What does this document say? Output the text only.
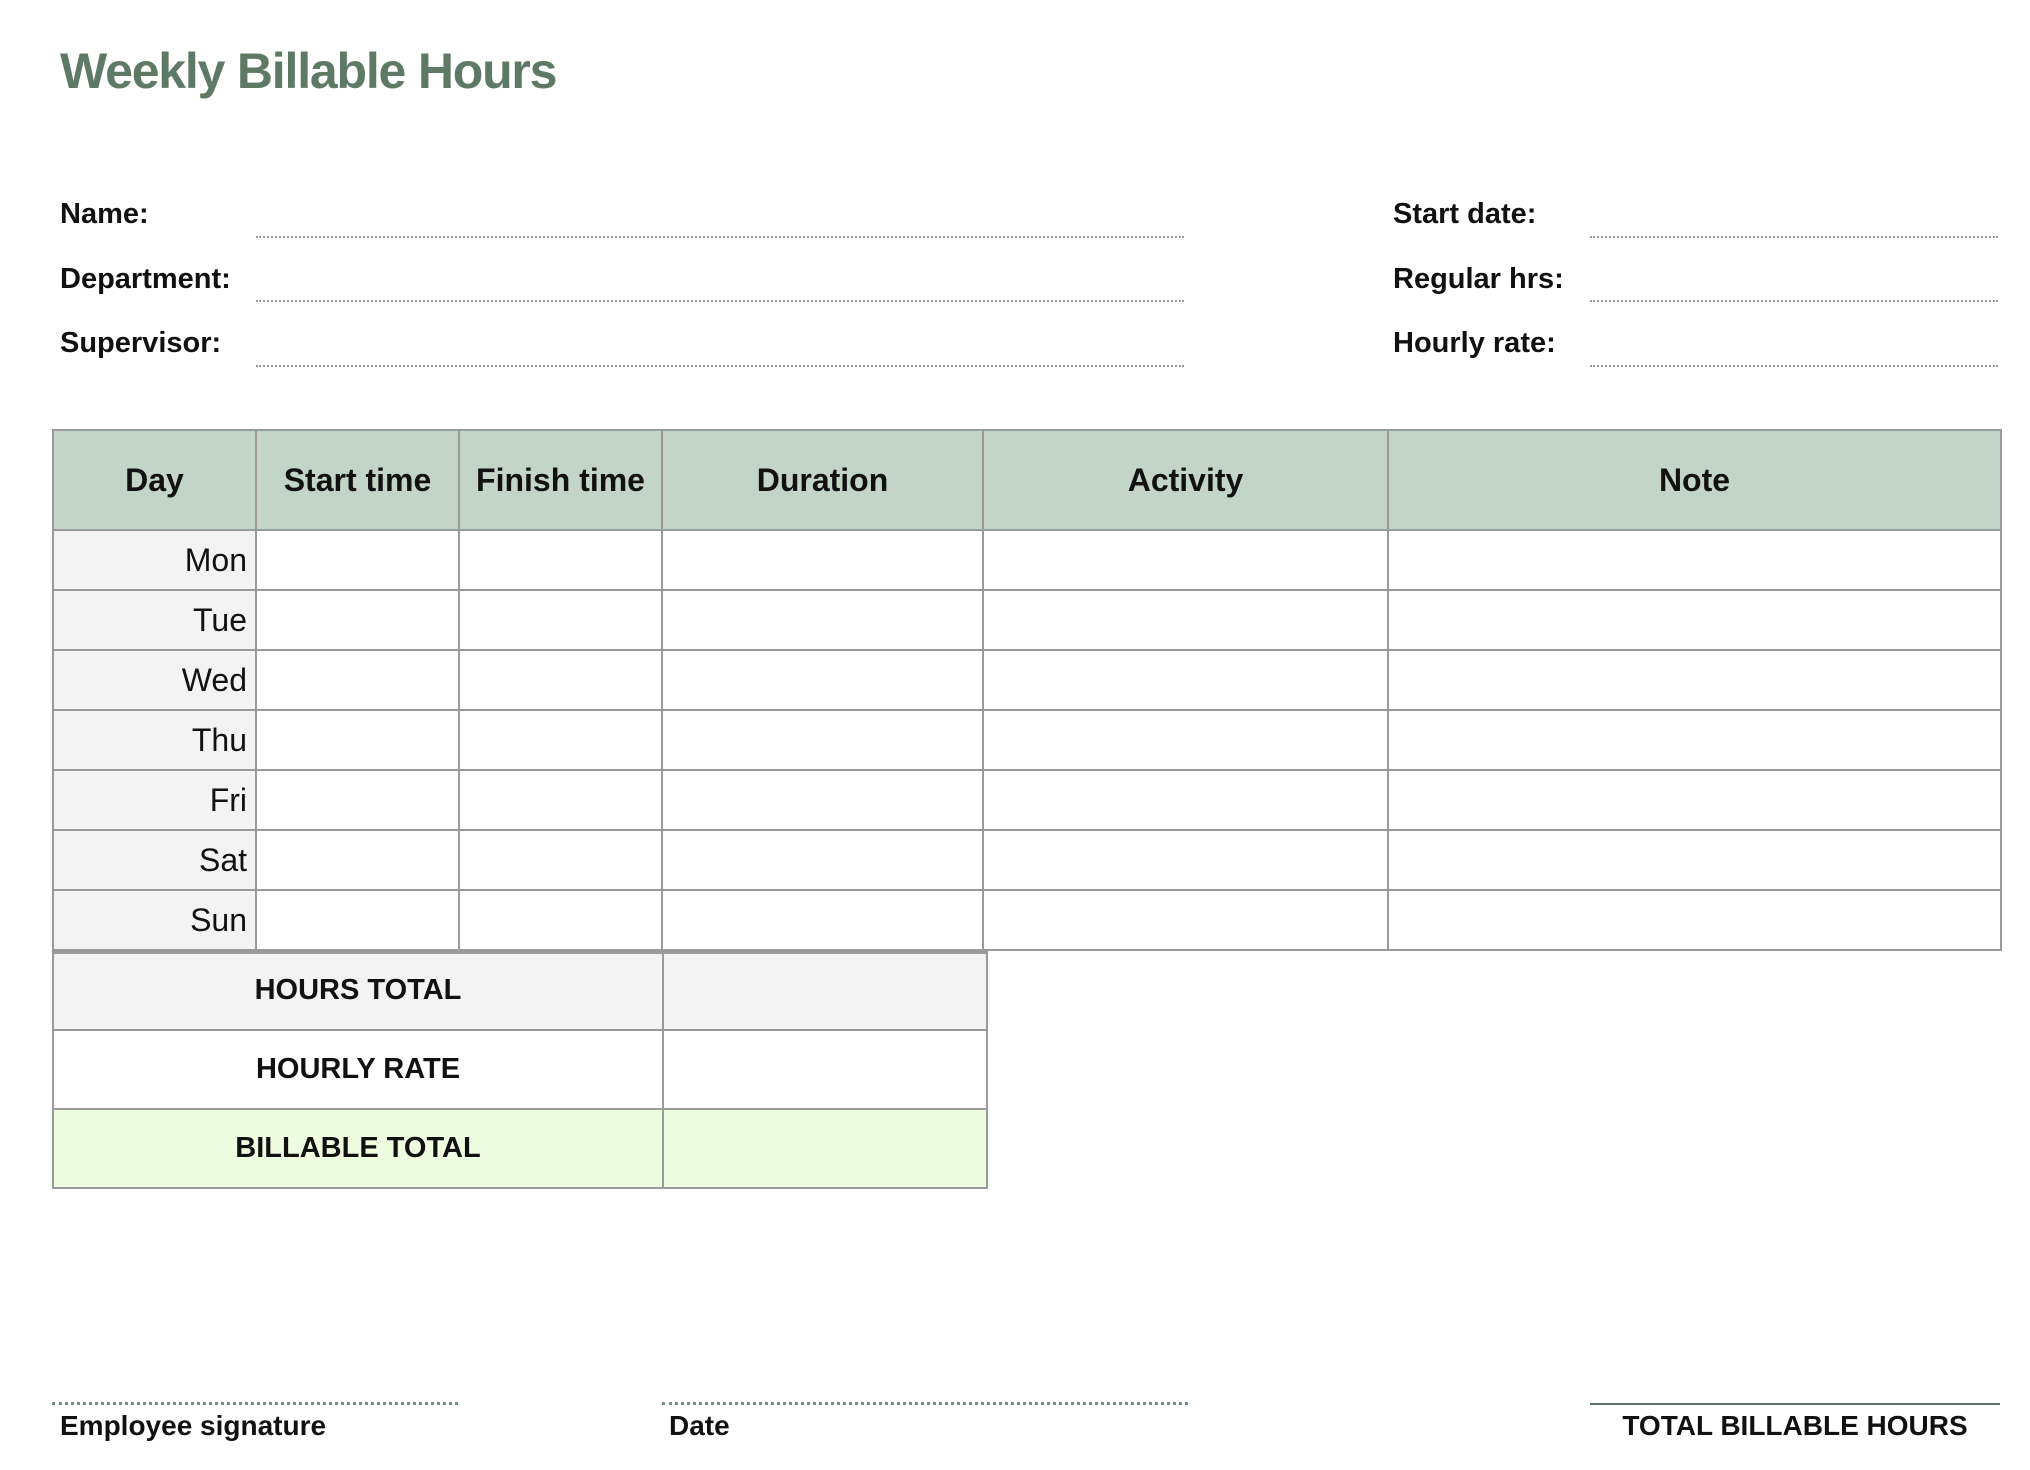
Weekly Billable Hours
Name:
Department:
Supervisor:
Start date:
Regular hrs:
Hourly rate:
Day	Start time	Finish time	Duration	Activity	Note
Mon					
Tue					
Wed					
Thu					
Fri					
Sat					
Sun					
HOURS TOTAL	
HOURLY RATE	
BILLABLE TOTAL	
Employee signature	Date	TOTAL BILLABLE HOURS
